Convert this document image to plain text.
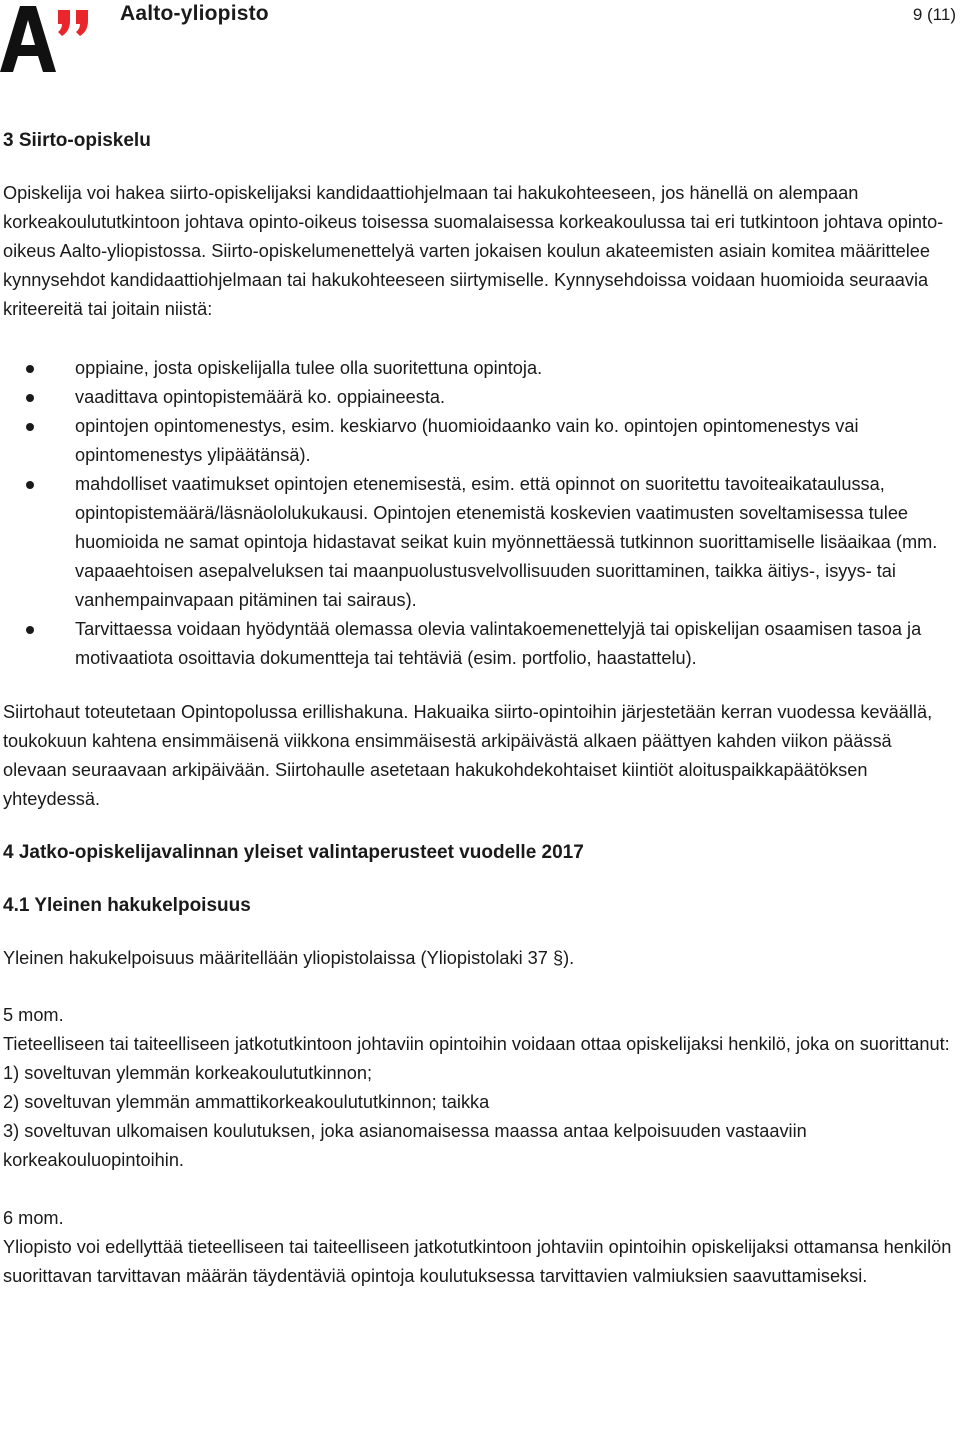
Aalto-yliopisto	9 (11)
3 Siirto-opiskelu

Opiskelija voi hakea siirto-opiskelijaksi kandidaattiohjelmaan tai hakukohteeseen, jos hänellä on alempaan korkeakoulututkintoon johtava opinto-oikeus toisessa suomalaisessa korkeakoulussa tai eri tutkintoon johtava opinto-oikeus Aalto-yliopistossa. Siirto-opiskelumenettelyä varten jokaisen koulun akateemisten asiain komitea määrittelee kynnysehdot kandidaattiohjelmaan tai hakukohteeseen siirtymiselle. Kynnysehdoissa voidaan huomioida seuraavia kriteereitä tai joitain niistä:

oppiaine, josta opiskelijalla tulee olla suoritettuna opintoja.
vaadittava opintopistemäärä ko. oppiaineesta.
opintojen opintomenestys, esim. keskiarvo (huomioidaanko vain ko. opintojen opintomenestys vai opintomenestys ylipäätänsä).
mahdolliset vaatimukset opintojen etenemisestä, esim. että opinnot on suoritettu tavoiteaikataulussa, opintopistemäärä/läsnäololukukausi. Opintojen etenemistä koskevien vaatimusten soveltamisessa tulee huomioida ne samat opintoja hidastavat seikat kuin myönnettäessä tutkinnon suorittamiselle lisäaikaa (mm. vapaaehtoisen asepalveluksen tai maanpuolustusvelvollisuuden suorittaminen, taikka äitiys-, isyys- tai vanhempainvapaan pitäminen tai sairaus).
Tarvittaessa voidaan hyödyntää olemassa olevia valintakoemenettelyjä tai opiskelijan osaamisen tasoa ja motivaatiota osoittavia dokumentteja tai tehtäviä (esim. portfolio, haastattelu).

Siirtohaut toteutetaan Opintopolussa erillishakuna. Hakuaika siirto-opintoihin järjestetään kerran vuodessa keväällä, toukokuun kahtena ensimmäisenä viikkona ensimmäisestä arkipäivästä alkaen päättyen kahden viikon päässä olevaan seuraavaan arkipäivään. Siirtohaulle asetetaan hakukohdekohtaiset kiintiöt aloituspaikkapäätöksen yhteydessä.

4 Jatko-opiskelijavalinnan yleiset valintaperusteet vuodelle 2017
4.1 Yleinen hakukelpoisuus

Yleinen hakukelpoisuus määritellään yliopistolaissa (Yliopistolaki 37 §).

5 mom.

Tieteelliseen tai taiteelliseen jatkotutkintoon johtaviin opintoihin voidaan ottaa opiskelijaksi henkilö, joka on suorittanut:

1) soveltuvan ylemmän korkeakoulututkinnon;

2) soveltuvan ylemmän ammattikorkeakoulututkinnon; taikka

3) soveltuvan ulkomaisen koulutuksen, joka asianomaisessa maassa antaa kelpoisuuden vastaaviin korkeakouluopintoihin.

6 mom.

Yliopisto voi edellyttää tieteelliseen tai taiteelliseen jatkotutkintoon johtaviin opintoihin opiskelijaksi ottamansa henkilön suorittavan tarvittavan määrän täydentäviä opintoja koulutuksessa tarvittavien valmiuksien saavuttamiseksi.
